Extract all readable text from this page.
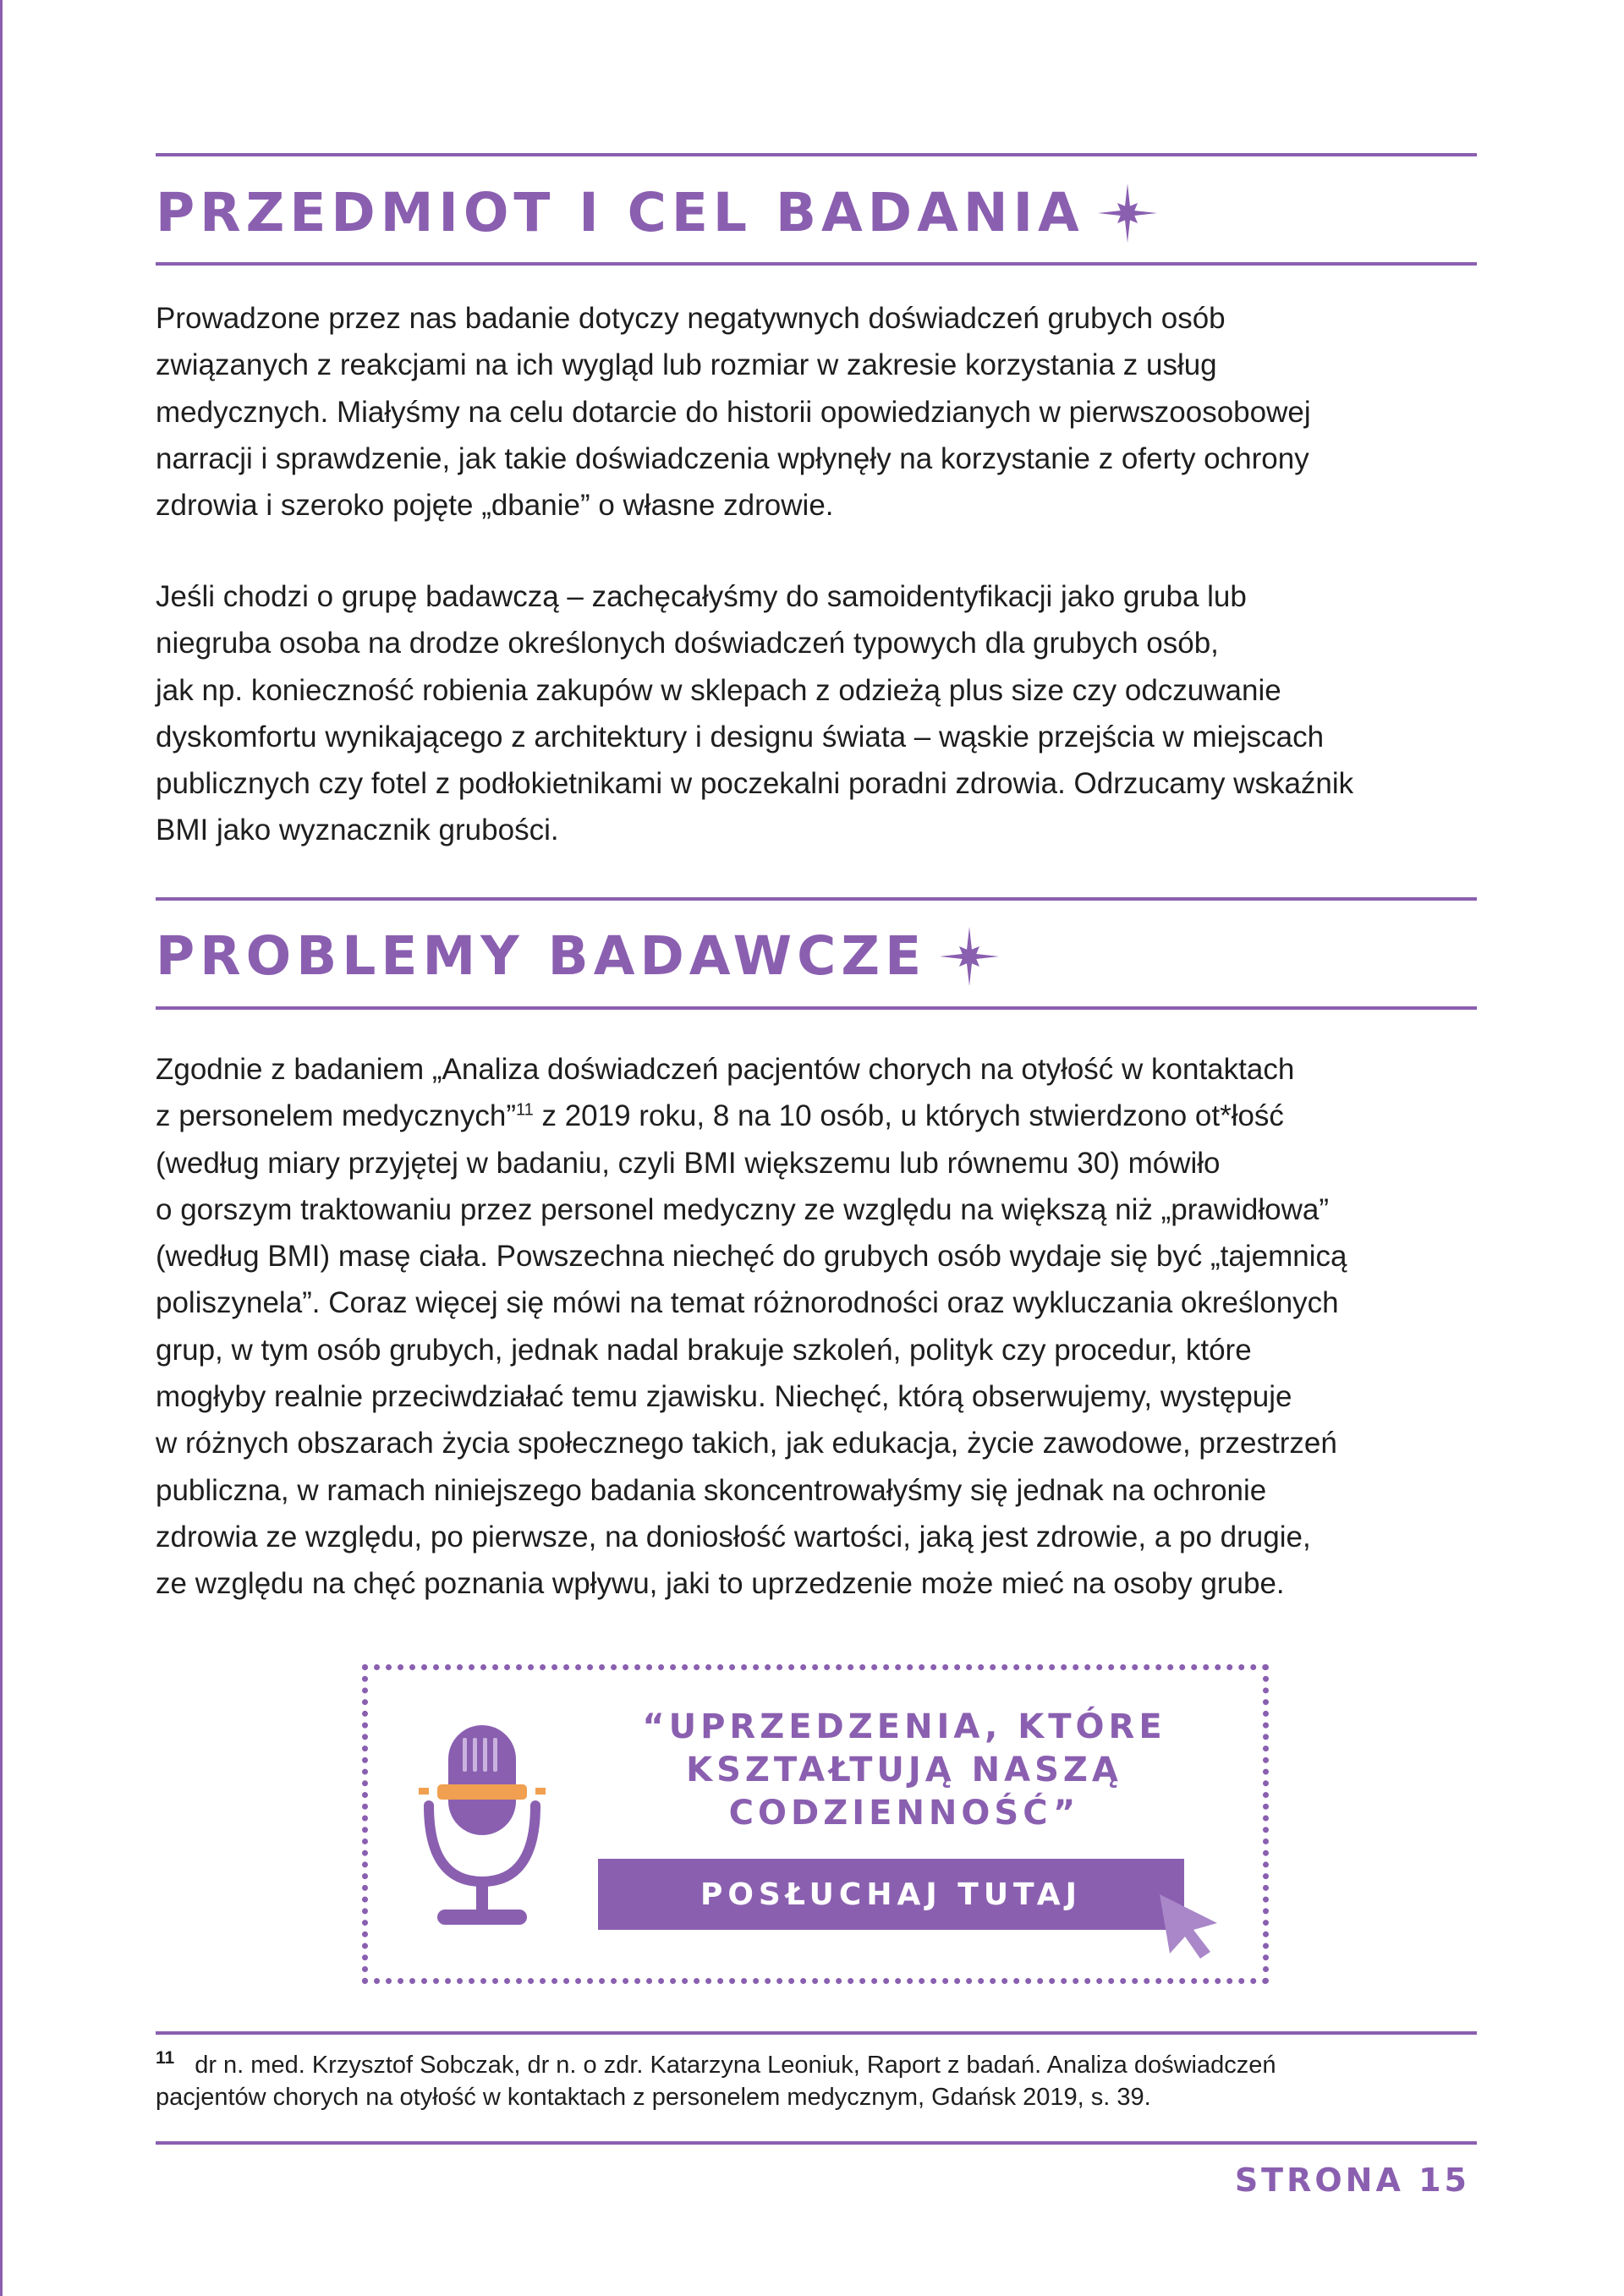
PRZEDMIOT I CEL BADANIA
Prowadzone przez nas badanie dotyczy negatywnych doświadczeń grubych osób
związanych z reakcjami na ich wygląd lub rozmiar w zakresie korzystania z usług
medycznych. Miałyśmy na celu dotarcie do historii opowiedzianych w pierwszoosobowej
narracji i sprawdzenie, jak takie doświadczenia wpłynęły na korzystanie z oferty ochrony
zdrowia i szeroko pojęte „dbanie” o własne zdrowie.
Jeśli chodzi o grupę badawczą – zachęcałyśmy do samoidentyfikacji jako gruba lub
niegruba osoba na drodze określonych doświadczeń typowych dla grubych osób,
jak np. konieczność robienia zakupów w sklepach z odzieżą plus size czy odczuwanie
dyskomfortu wynikającego z architektury i designu świata – wąskie przejścia w miejscach
publicznych czy fotel z podłokietnikami w poczekalni poradni zdrowia. Odrzucamy wskaźnik
BMI jako wyznacznik grubości.
PROBLEMY BADAWCZE
Zgodnie z badaniem „Analiza doświadczeń pacjentów chorych na otyłość w kontaktach
z personelem medycznych”$^{11}$ z 2019 roku, 8 na 10 osób, u których stwierdzono ot*łość
(według miary przyjętej w badaniu, czyli BMI większemu lub równemu 30) mówiło
o gorszym traktowaniu przez personel medyczny ze względu na większą niż „prawidłowa”
(według BMI) masę ciała. Powszechna niechęć do grubych osób wydaje się być „tajemnicą
poliszynela”. Coraz więcej się mówi na temat różnorodności oraz wykluczania określonych
grup, w tym osób grubych, jednak nadal brakuje szkoleń, polityk czy procedur, które
mogłyby realnie przeciwdziałać temu zjawisku. Niechęć, którą obserwujemy, występuje
w różnych obszarach życia społecznego takich, jak edukacja, życie zawodowe, przestrzeń
publiczna, w ramach niniejszego badania skoncentrowałyśmy się jednak na ochronie
zdrowia ze względu, po pierwsze, na doniosłość wartości, jaką jest zdrowie, a po drugie,
ze względu na chęć poznania wpływu, jaki to uprzedzenie może mieć na osoby grube.

“UPRZEDZENIA, KTÓRE
KSZTAŁTUJĄ NASZĄ
CODZIENNOŚĆ”

POSŁUCHAJ TUTAJ
$^{11}$ dr n. med. Krzysztof Sobczak, dr n. o zdr. Katarzyna Leoniuk, Raport z badań. Analiza doświadczeń
pacjentów chorych na otyłość w kontaktach z personelem medycznym, Gdańsk 2019, s. 39.

STRONA 15
